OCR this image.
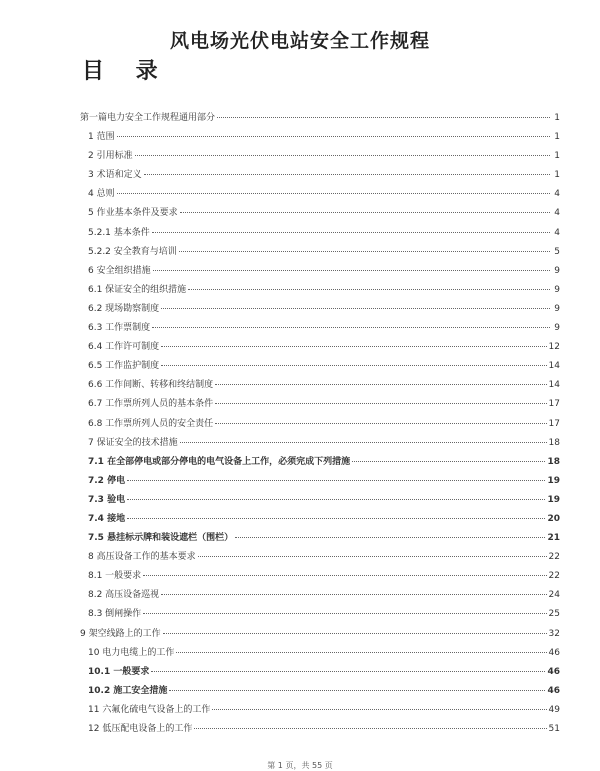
风电场光伏电站安全工作规程
目 录
第一篇电力安全工作规程通用部分	1
1 范围	1
2 引用标准	1
3 术语和定义	1
4 总则	4
5 作业基本条件及要求	4
5.2.1 基本条件	4
5.2.2 安全教育与培训	5
6 安全组织措施	9
6.1 保证安全的组织措施	9
6.2 现场勘察制度	9
6.3 工作票制度	9
6.4 工作许可制度	12
6.5 工作监护制度	14
6.6 工作间断、转移和终结制度	14
6.7 工作票所列人员的基本条件	17
6.8 工作票所列人员的安全责任	17
7 保证安全的技术措施	18
7.1 在全部停电或部分停电的电气设备上工作，必须完成下列措施	18
7.2 停电	19
7.3 验电	19
7.4 接地	20
7.5 悬挂标示牌和装设遮栏（围栏）	21
8 高压设备工作的基本要求	22
8.1 一般要求	22
8.2 高压设备巡视	24
8.3 倒闸操作	25
9 架空线路上的工作	32
10 电力电缆上的工作	46
10.1 一般要求	46
10.2 施工安全措施	46
11 六氟化硫电气设备上的工作	49
12 低压配电设备上的工作	51
第 1 页，共 55 页
